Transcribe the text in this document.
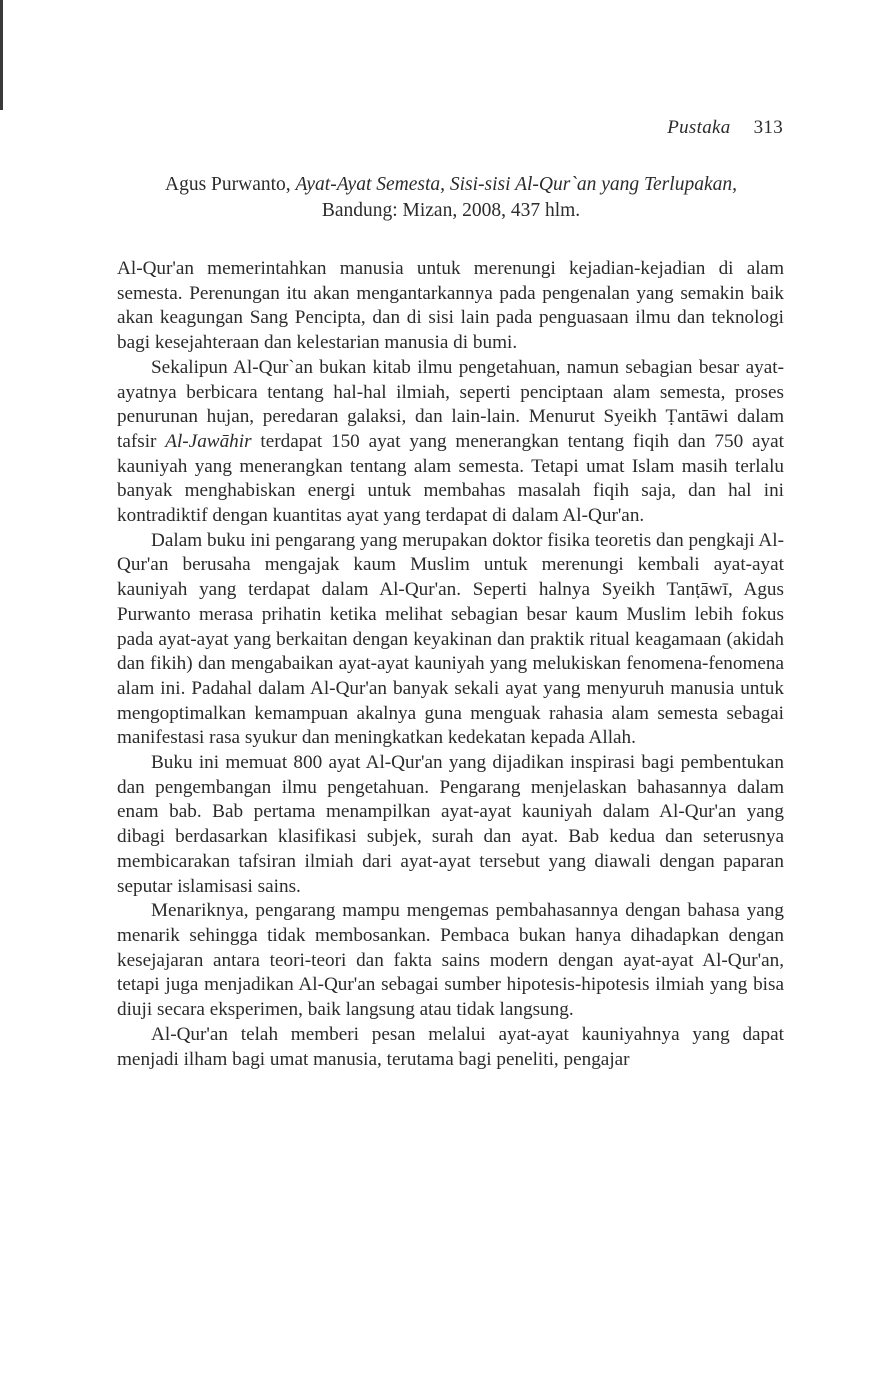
Pustaka 313
Agus Purwanto, Ayat-Ayat Semesta, Sisi-sisi Al-Qur`an yang Terlupakan,
Bandung: Mizan, 2008, 437 hlm.

Al-Qur'an memerintahkan manusia untuk merenungi kejadian-kejadian di alam semesta. Perenungan itu akan mengantarkannya pada pengenalan yang semakin baik akan keagungan Sang Pencipta, dan di sisi lain pada penguasaan ilmu dan teknologi bagi kesejahteraan dan kelestarian manusia di bumi.

Sekalipun Al-Qur`an bukan kitab ilmu pengetahuan, namun sebagian besar ayat-ayatnya berbicara tentang hal-hal ilmiah, seperti penciptaan alam semesta, proses penurunan hujan, peredaran galaksi, dan lain-lain. Menurut Syeikh Ṭantāwi dalam tafsir Al-Jawāhir terdapat 150 ayat yang menerangkan tentang fiqih dan 750 ayat kauniyah yang menerangkan tentang alam semesta. Tetapi umat Islam masih terlalu banyak menghabiskan energi untuk membahas masalah fiqih saja, dan hal ini kontradiktif dengan kuantitas ayat yang terdapat di dalam Al-Qur'an.

Dalam buku ini pengarang yang merupakan doktor fisika teoretis dan pengkaji Al-Qur'an berusaha mengajak kaum Muslim untuk merenungi kembali ayat-ayat kauniyah yang terdapat dalam Al-Qur'an. Seperti halnya Syeikh Tanṭāwī, Agus Purwanto merasa prihatin ketika melihat sebagian besar kaum Muslim lebih fokus pada ayat-ayat yang berkaitan dengan keyakinan dan praktik ritual keagamaan (akidah dan fikih) dan mengabaikan ayat-ayat kauniyah yang melukiskan fenomena-fenomena alam ini. Padahal dalam Al-Qur'an banyak sekali ayat yang menyuruh manusia untuk mengoptimalkan kemampuan akalnya guna menguak rahasia alam semesta sebagai manifestasi rasa syukur dan meningkatkan kedekatan kepada Allah.

Buku ini memuat 800 ayat Al-Qur'an yang dijadikan inspirasi bagi pembentukan dan pengembangan ilmu pengetahuan. Pengarang menjelaskan bahasannya dalam enam bab. Bab pertama menampilkan ayat-ayat kauniyah dalam Al-Qur'an yang dibagi berdasarkan klasifikasi subjek, surah dan ayat. Bab kedua dan seterusnya membicarakan tafsiran ilmiah dari ayat-ayat tersebut yang diawali dengan paparan seputar islamisasi sains.

Menariknya, pengarang mampu mengemas pembahasannya dengan bahasa yang menarik sehingga tidak membosankan. Pembaca bukan hanya dihadapkan dengan kesejajaran antara teori-teori dan fakta sains modern dengan ayat-ayat Al-Qur'an, tetapi juga menjadikan Al-Qur'an sebagai sumber hipotesis-hipotesis ilmiah yang bisa diuji secara eksperimen, baik langsung atau tidak langsung.

Al-Qur'an telah memberi pesan melalui ayat-ayat kauniyahnya yang dapat menjadi ilham bagi umat manusia, terutama bagi peneliti, pengajar
